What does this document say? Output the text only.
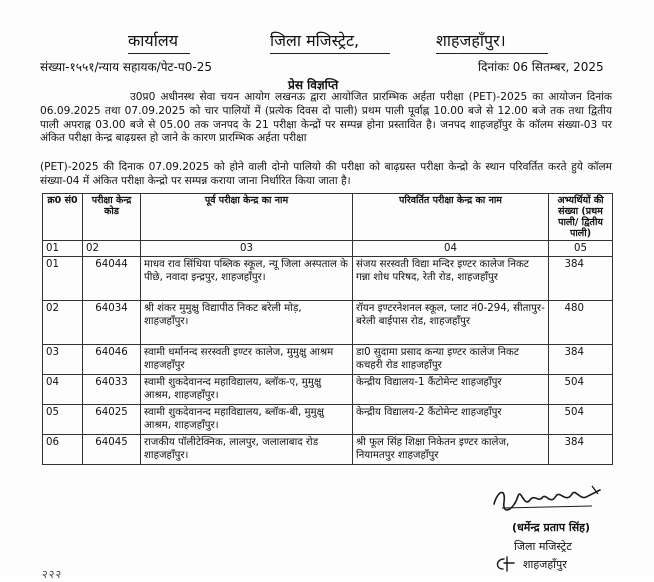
कार्यालय	जिला मजिस्ट्रेट,	शाहजहाँपुर।
संख्या-१५५१/न्याय सहायक/पेट-प0-25	दिनांकः 06 सितम्बर, 2025
प्रेस विज्ञप्ति
उ0प्र0 अधीनस्थ सेवा चयन आयोग लखनऊ द्वारा आयोजित प्रारम्भिक अर्हता परीक्षा (PET)-2025 का आयोजन दिनांक 06.09.2025 तथा 07.09.2025 को चार पालियों में (प्रत्येक दिवस दो पाली) प्रथम पाली पूर्वाह्न 10.00 बजे से 12.00 बजे तक तथा द्वितीय पाली अपराह्न 03.00 बजे से 05.00 तक जनपद के 21 परीक्षा केन्द्रों पर सम्पन्न होना प्रस्तावित है। जनपद शाहजहाँपुर के कॉलम संख्या-03 पर अंकित परीक्षा केन्द्र बाढ़ग्रस्त हो जाने के कारण प्रारम्भिक अर्हता परीक्षा
(PET)-2025 की दिनाक 07.09.2025 को होने वाली दोनो पालियो की परीक्षा को बाढ़ग्रस्त परीक्षा केन्द्रो के स्थान परिवर्तित करते हुये कॉलम संख्या-04 में अंकित परीक्षा केन्द्रो पर सम्पन्न कराया जाना निर्धारित किया जाता है।
क्र0 सं0	परीक्षा केन्द्र कोड	पूर्व परीक्षा केन्द्र का नाम	परिवर्तित परीक्षा केन्द्र का नाम	अभ्यर्थियों की संख्या (प्रथम पाली/ द्वितीय पाली)
01	02	03	04	05
01	64044	माधव राव सिंधिया पब्लिक स्कूल, न्यू जिला अस्पताल के पीछे, नवादा इन्द्रपुर, शाहजहाँपुर।	संजय सरस्वती विद्या मन्दिर इण्टर कालेज निकट गन्ना शोध परिषद, रेती रोड, शाहजहाँपुर	384
02	64034	श्री शंकर मुमुक्षु विद्यापीठ निकट बरेली मोड़, शाहजहाँपुर।	रॉयन इण्टरनेशनल स्कूल, प्लाट नं0-294, सीतापुर-बरेली बाईपास रोड, शाहजहाँपुर	480
03	64046	स्वामी धर्मानन्द सरस्वती इण्टर कालेज, मुमुक्षु आश्रम शाहजहाँपुर	डा0 सुदामा प्रसाद कन्या इण्टर कालेज निकट कचहरी रोड शाहजहाँपुर	384
04	64033	स्वामी शुकदेवानन्द महाविद्यालय, ब्लॉक-ए, मुमुक्षु आश्रम, शाहजहाँपुर।	केन्द्रीय विद्यालय-1 कैंटोमेन्ट शाहजहाँपुर	504
05	64025	स्वामी शुकदेवानन्द महाविद्यालय, ब्लॉक-बी, मुमुक्षु आश्रम, शाहजहाँपुर।	केन्द्रीय विद्यालय-2 कैंटोमेन्ट शाहजहाँपुर	504
06	64045	राजकीय पॉलीटेक्निक, लालपुर, जलालाबाद रोड शाहजहाँपुर।	श्री फूल सिंह शिक्षा निकेतन इण्टर कालेज, नियामतपुर शाहजहाँपुर	384
(धर्मेन्द्र प्रताप सिंह)
जिला मजिस्ट्रेट
शाहजहाँपुर
२२२
